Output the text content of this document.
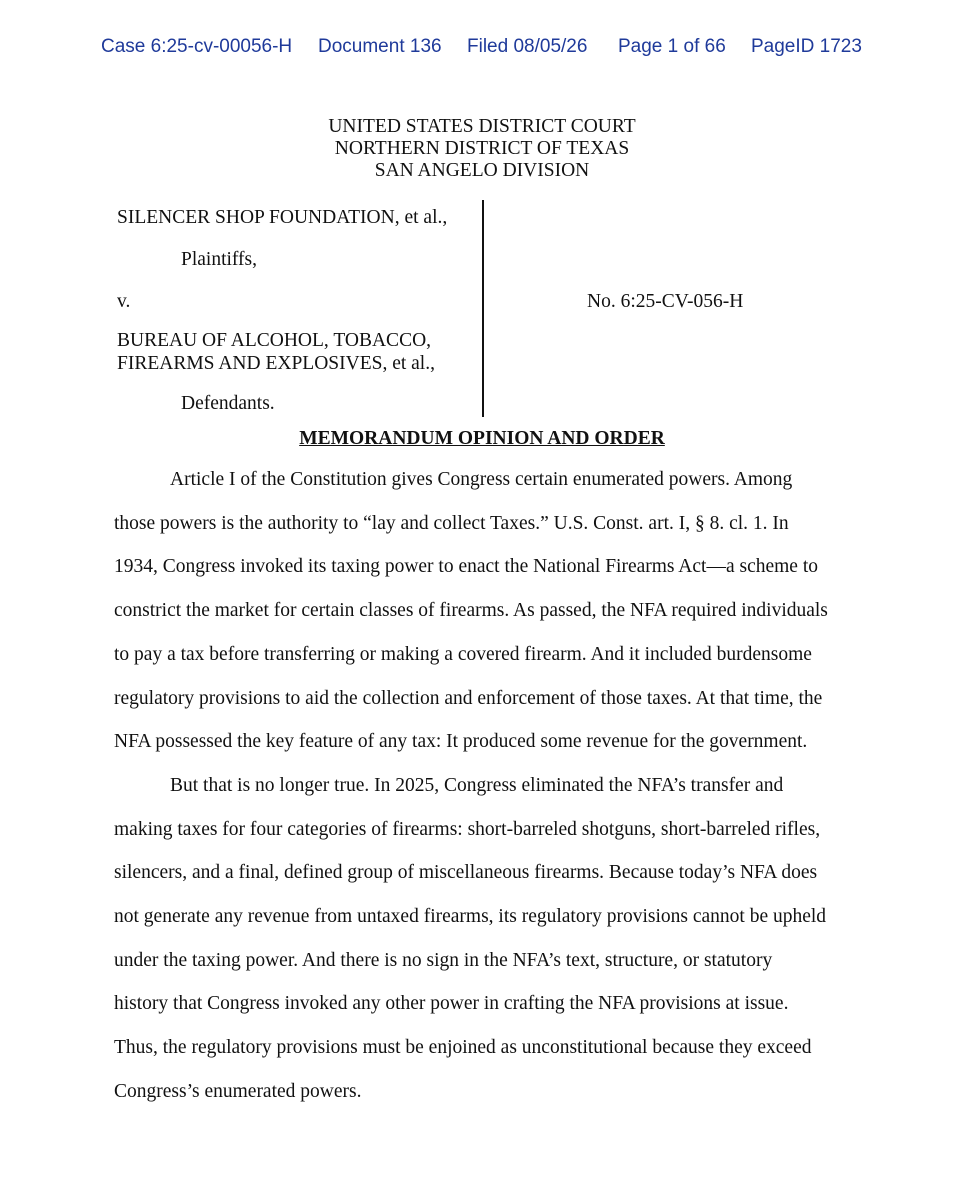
Case 6:25-cv-00056-H Document 136 Filed 08/05/26 Page 1 of 66 PageID 1723
UNITED STATES DISTRICT COURT
NORTHERN DISTRICT OF TEXAS
SAN ANGELO DIVISION
SILENCER SHOP FOUNDATION, et al.,
Plaintiffs,
v.
BUREAU OF ALCOHOL, TOBACCO,
FIREARMS AND EXPLOSIVES, et al.,
Defendants.
No. 6:25-CV-056-H
MEMORANDUM OPINION AND ORDER

Article I of the Constitution gives Congress certain enumerated powers. Among
those powers is the authority to “lay and collect Taxes.” U.S. Const. art. I, § 8. cl. 1. In
1934, Congress invoked its taxing power to enact the National Firearms Act—a scheme to
constrict the market for certain classes of firearms. As passed, the NFA required individuals
to pay a tax before transferring or making a covered firearm. And it included burdensome
regulatory provisions to aid the collection and enforcement of those taxes. At that time, the
NFA possessed the key feature of any tax: It produced some revenue for the government.

But that is no longer true. In 2025, Congress eliminated the NFA’s transfer and
making taxes for four categories of firearms: short-barreled shotguns, short-barreled rifles,
silencers, and a final, defined group of miscellaneous firearms. Because today’s NFA does
not generate any revenue from untaxed firearms, its regulatory provisions cannot be upheld
under the taxing power. And there is no sign in the NFA’s text, structure, or statutory
history that Congress invoked any other power in crafting the NFA provisions at issue.
Thus, the regulatory provisions must be enjoined as unconstitutional because they exceed
Congress’s enumerated powers.
